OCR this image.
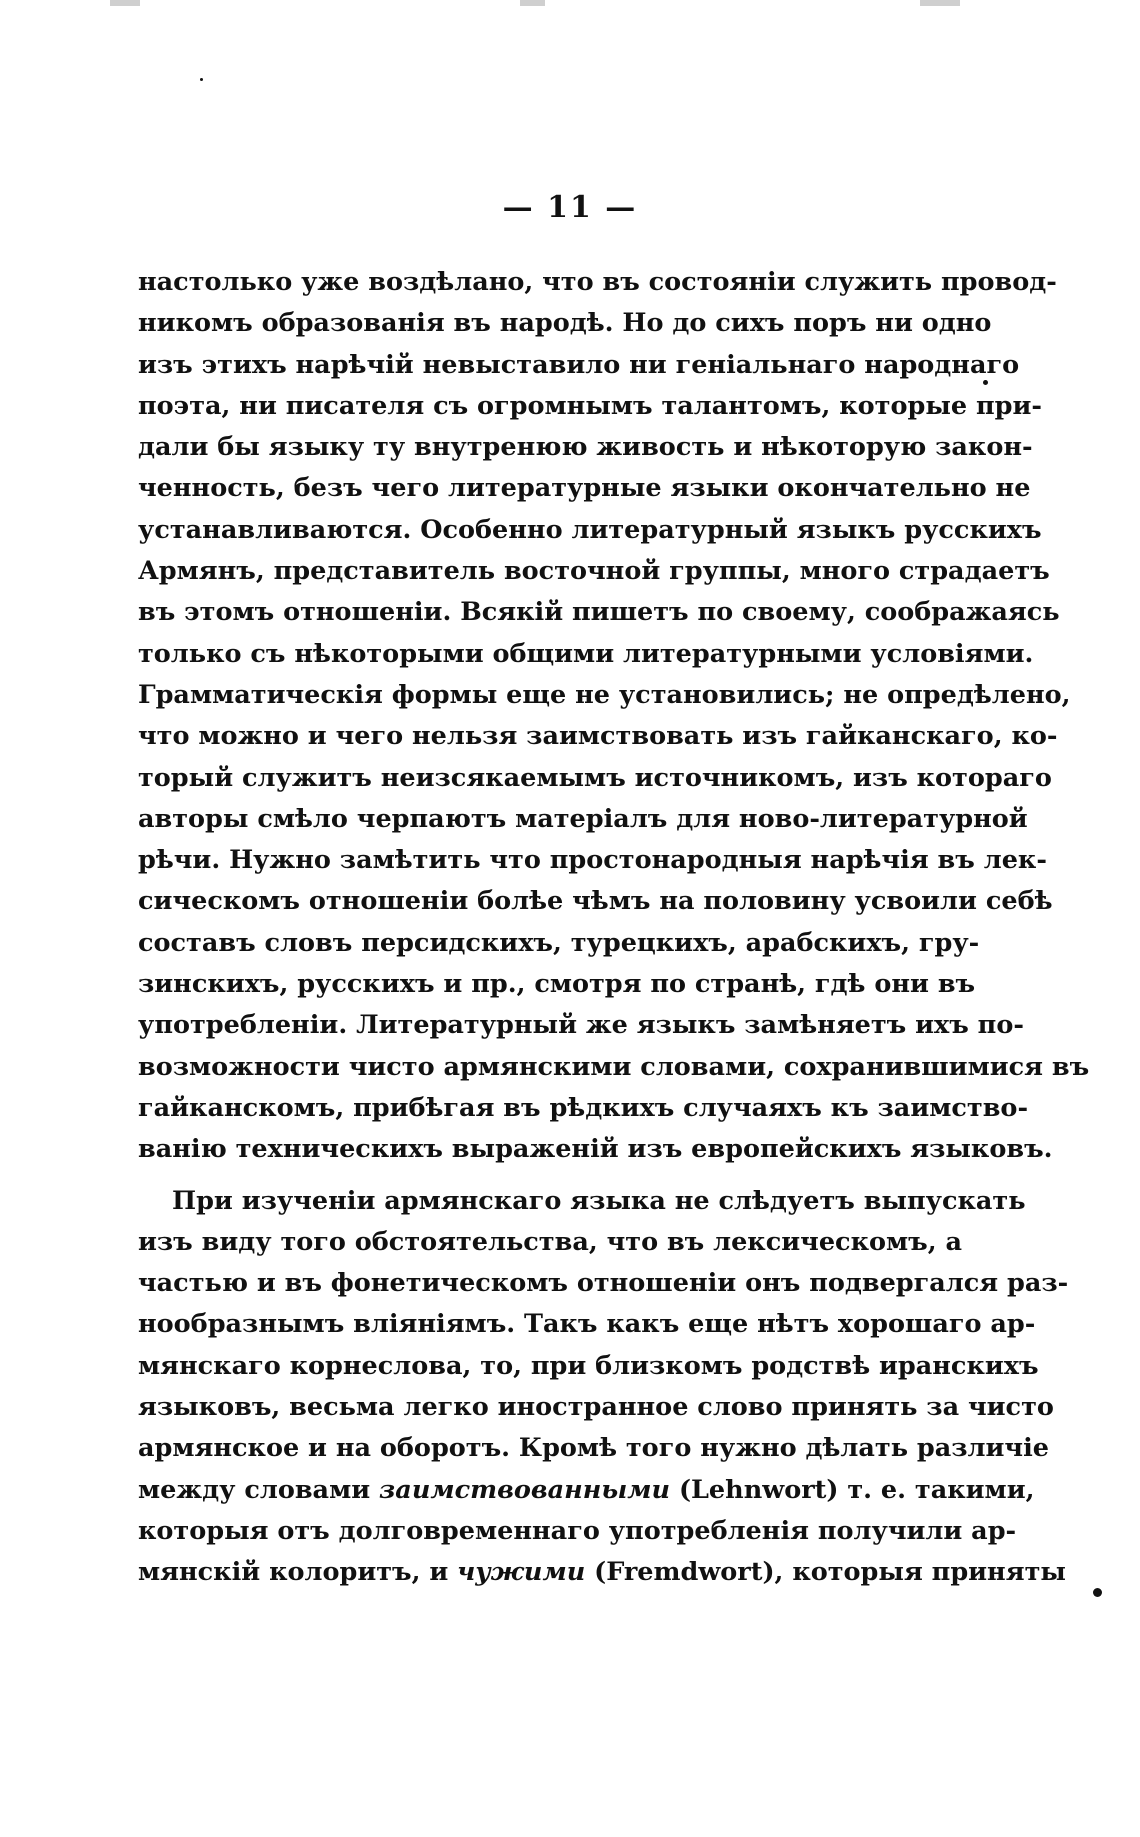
— 11 —
настолько уже воздѣлано, что въ состоянiи служить провод-
никомъ образованiя въ народѣ. Но до сихъ поръ ни одно
изъ этихъ нарѣчiй невыставило ни генiальнаго народнаго
поэта, ни писателя съ огромнымъ талантомъ, которые при-
дали бы языку ту внутренюю живость и нѣкоторую закон-
ченность, безъ чего литературные языки окончательно не
устанавливаются. Особенно литературный языкъ русскихъ
Армянъ, представитель восточной группы, много страдаетъ
въ этомъ отношенiи. Всякiй пишетъ по своему, соображаясь
только съ нѣкоторыми общими литературными условiями.
Грамматическiя формы еще не установились; не опредѣлено,
что можно и чего нельзя заимствовать изъ гайканскаго, ко-
торый служитъ неизсякаемымъ источникомъ, изъ котораго
авторы смѣло черпаютъ матерiалъ для ново-литературной
рѣчи. Нужно замѣтить что простонародныя нарѣчiя въ лек-
сическомъ отношенiи болѣе чѣмъ на половину усвоили себѣ
составъ словъ персидскихъ, турецкихъ, арабскихъ, гру-
зинскихъ, русскихъ и пр., смотря по странѣ, гдѣ они въ
употребленiи. Литературный же языкъ замѣняетъ ихъ по-
возможности чисто армянскими словами, сохранившимися въ
гайканскомъ, прибѣгая въ рѣдкихъ случаяхъ къ заимство-
ванiю техническихъ выраженiй изъ европейскихъ языковъ.
При изученiи армянскаго языка не слѣдуетъ выпускать
изъ виду того обстоятельства, что въ лексическомъ, а
частью и въ фонетическомъ отношенiи онъ подвергался раз-
нообразнымъ влiянiямъ. Такъ какъ еще нѣтъ хорошаго ар-
мянскаго корнеслова, то, при близкомъ родствѣ иранскихъ
языковъ, весьма легко иностранное слово принять за чисто
армянское и на оборотъ. Кромѣ того нужно дѣлать различiе
между словами заимствованными (Lehnwort) т. е. такими,
которыя отъ долговременнаго употребленiя получили ар-
мянскiй колоритъ, и чужими (Fremdwort), которыя приняты
